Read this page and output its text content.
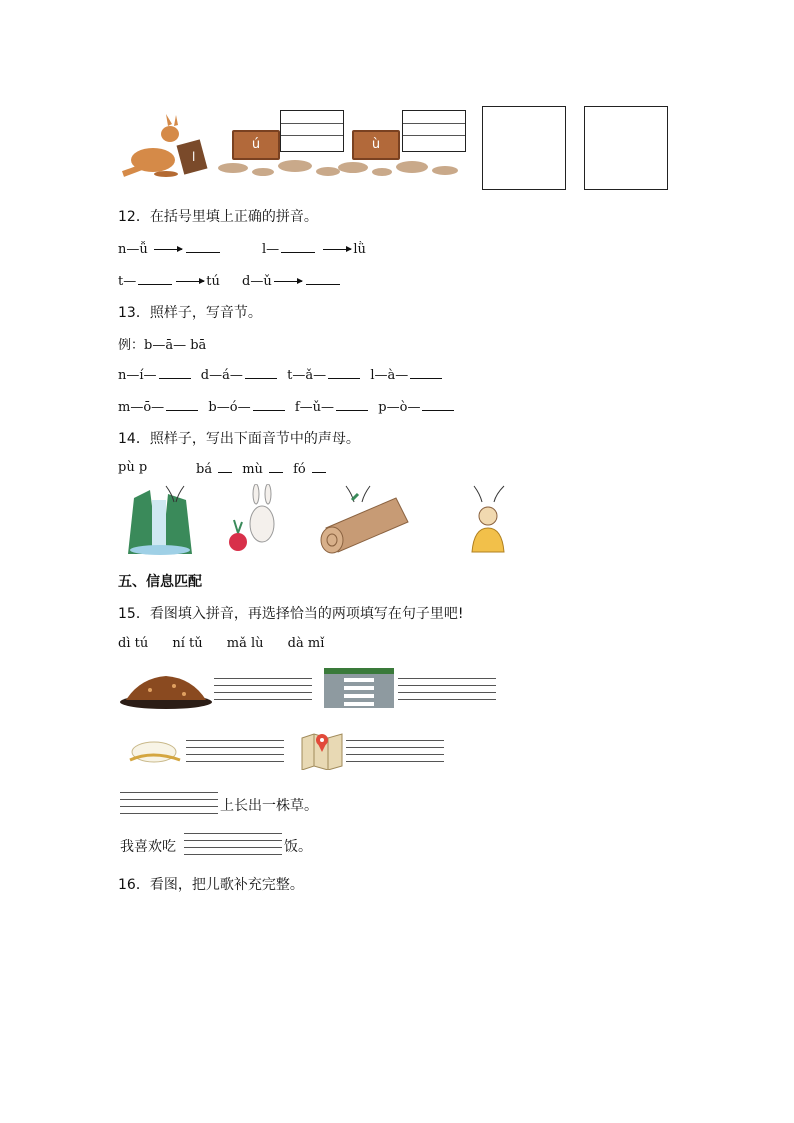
l
ú	ù
12．在括号里填上正确的拼音。
n—ǚ	l—	lǜ
t—	tú d—ǔ
13．照样子，写音节。
例：b—ā— bā
n—í—	d—á—	t—ǎ—	l—à—
m—ō—	b—ó—	f—ǔ—	p—ò—
14．照样子，写出下面音节中的声母。
pù p	bá mù fó
五、信息匹配
15．看图填入拼音，再选择恰当的两项填写在句子里吧!
dì tú ní tǔ mǎ lù dà mǐ
上长出一株草。
我喜欢吃	饭。
16．看图，把儿歌补充完整。
